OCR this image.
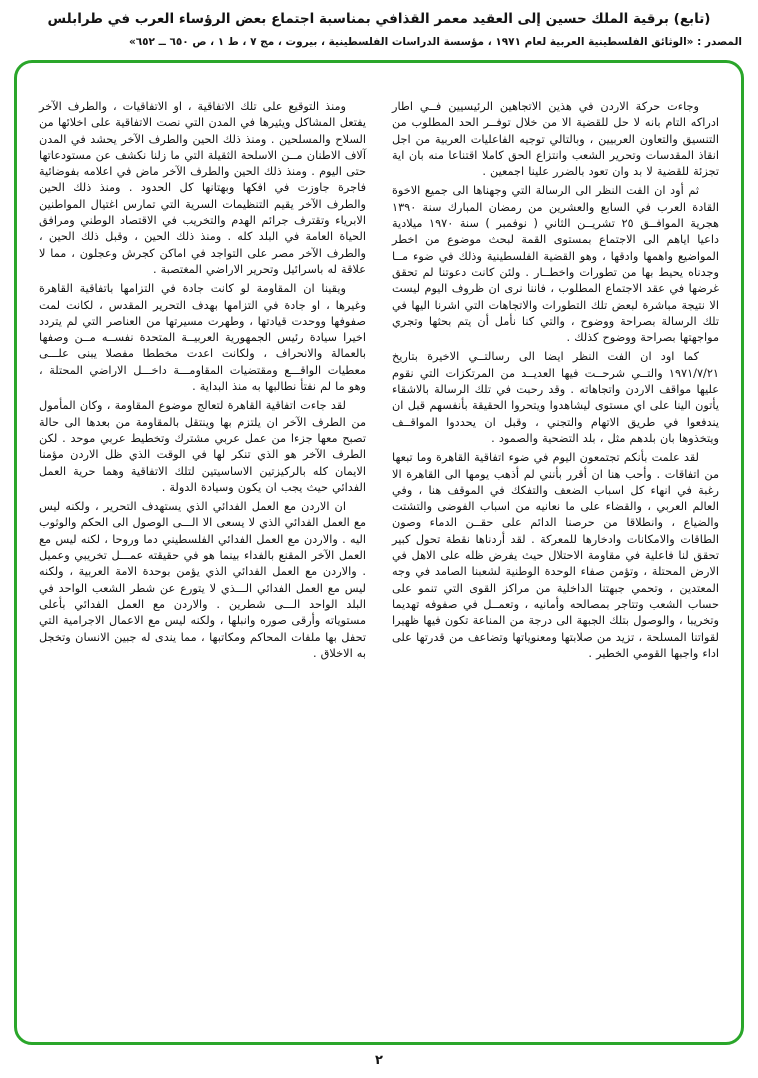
(تابع) برقية الملك حسين إلى العقيد معمر القذافي بمناسبة اجتماع بعض الرؤساء العرب في طرابلس
المصدر : «الوثائق الفلسطينية العربية لعام ١٩٧١ ، مؤسسة الدراسات الفلسطينية ، بيروت ، مج ٧ ، ط ١ ، ص ٦٥٠ ــ ٦٥٢»

وجاءت حركة الاردن في هذين الاتجاهين الرئيسيين فــي اطار ادراكه التام بانه لا حل للقضية الا من خلال توفــر الحد المطلوب من التنسيق والتعاون العربيين ، وبالتالي توجيه الفاعليات العربية من اجل انقاذ المقدسات وتحرير الشعب وانتزاع الحق كاملا اقتناعا منه بان اية تجزئة للقضية لا بد وان تعود بالضرر علينا اجمعين .

ثم أود ان الفت النظر الى الرسالة التي وجهناها الى جميع الاخوة القادة العرب في السابع والعشرين من رمضان المبارك سنة ١٣٩٠ هجرية الموافــق ٢٥ تشريــن الثاني ( نوفمبر ) سنة ١٩٧٠ ميلادية داعيا اياهم الى الاجتماع بمستوى القمة لبحث موضوع من اخطر المواضيع واهمها وادقها ، وهو القضية الفلسطينية وذلك في ضوء مــا وجدناه يحيط بها من تطورات واخطــار . ولئن كانت دعوتنا لم تحقق غرضها في عقد الاجتماع المطلوب ، فاننا نرى ان ظروف اليوم ليست الا نتيجة مباشرة لبعض تلك التطورات والاتجاهات التي اشرنا اليها في تلك الرسالة بصراحة ووضوح ، والتي كنا نأمل أن يتم بحثها وتجري مواجهتها بصراحة ووضوح كذلك .

كما اود ان الفت النظر ايضا الى رسالتــي الاخيرة بتاريخ ١٩٧١/٧/٢١ والتــي شرحــت فيها العديــد من المرتكزات التي نقوم عليها مواقف الاردن واتجاهاته . وقد رحبت في تلك الرسالة بالاشقاء يأتون الينا على اي مستوى ليشاهدوا ويتحروا الحقيقة بأنفسهم قبل ان يندفعوا في طريق الاتهام والتجني ، وقبل ان يحددوا المواقــف ويتخذوها بان بلدهم مثل ، بلد التضحية والصمود .

لقد علمت بأنكم تجتمعون اليوم في ضوء اتفاقية القاهرة وما تبعها من اتفاقات . وأحب هنا ان أقرر بأنني لم أذهب يومها الى القاهرة الا رغبة في انهاء كل اسباب الضعف والتفكك في الموقف هنا ، وفي العالم العربي ، والقضاء على ما نعانيه من اسباب الفوضى والتشتت والضياع ، وانطلاقا من حرصنا الدائم على حقــن الدماء وصون الطاقات والامكانات وادخارها للمعركة . لقد أردناها نقطة تحول كبير تحقق لنا فاعلية في مقاومة الاحتلال حيث يفرض ظله على الاهل في الارض المحتلة ، وتؤمن صفاء الوحدة الوطنية لشعبنا الصامد في وجه المعتدين ، وتحمي جبهتنا الداخلية من مراكز القوى التي تنمو على حساب الشعب وتتاجر بمصالحه وأمانيه ، وتعمــل في صفوفه تهديما وتخريبا ، والوصول بتلك الجبهة الى درجة من المناعة تكون فيها ظهيرا لقواتنا المسلحة ، تزيد من صلابتها ومعنوياتها وتضاعف من قدرتها على اداء واجبها القومي الخطير .

ومنذ التوقيع على تلك الاتفاقية ، او الاتفاقيات ، والطرف الآخر يفتعل المشاكل ويثيرها في المدن التي نصت الاتفاقية على اخلائها من السلاح والمسلحين . ومنذ ذلك الحين والطرف الآخر يحشد في المدن آلاف الاطنان مــن الاسلحة الثقيلة التي ما زلنا نكشف عن مستودعاتها حتى اليوم . ومنذ ذلك الحين والطرف الآخر ماض في اعلامه بفوضائية فاجرة جاوزت في افكها وبهتانها كل الحدود . ومنذ ذلك الحين والطرف الآخر يقيم التنظيمات السرية التي تمارس اغتيال المواطنين الابرياء وتقترف جرائم الهدم والتخريب في الاقتصاد الوطني ومرافق الحياة العامة في البلد كله . ومنذ ذلك الحين ، وقبل ذلك الحين ، والطرف الآخر مصر على التواجد في اماكن كجرش وعجلون ، مما لا علاقة له باسرائيل وتحرير الاراضي المغتصبة .

ويقينا ان المقاومة لو كانت جادة في التزامها باتفاقية القاهرة وغيرها ، او جادة في التزامها بهدف التحرير المقدس ، لكانت لمت صفوفها ووحدت قيادتها ، وطهرت مسيرتها من العناصر التي لم يتردد اخيرا سيادة رئيس الجمهورية العربيــة المتحدة نفســه مــن وصفها بالعمالة والانحراف ، ولكانت اعدت مخططا مفصلا يبنى علـــى معطيات الواقـــع ومقتضيات المقاومـــة داخـــل الاراضي المحتلة ، وهو ما لم نفتأ نطالبها به منذ البداية .

لقد جاءت اتفاقية القاهرة لتعالج موضوع المقاومة ، وكان المأمول من الطرف الآخر ان يلتزم بها وينتقل بالمقاومة من بعدها الى حالة تصبح معها جزءا من عمل عربي مشترك وتخطيط عربي موحد . لكن الطرف الآخر هو الذي تنكر لها في الوقت الذي ظل الاردن مؤمنا الايمان كله بالركيزتين الاساسيتين لتلك الاتفاقية وهما حرية العمل الفدائي حيث يجب ان يكون وسيادة الدولة .

ان الاردن مع العمل الفدائي الذي يستهدف التحرير ، ولكنه ليس مع العمل الفدائي الذي لا يسعى الا الـــى الوصول الى الحكم والوثوب اليه . والاردن مع العمل الفدائي الفلسطيني دما وروحا ، لكنه ليس مع العمل الآخر المقنع بالفداء بينما هو في حقيقته عمـــل تخريبي وعميل . والاردن مع العمل الفدائي الذي يؤمن بوحدة الامة العربية ، ولكنه ليس مع العمل الفدائي الـــذي لا يتورع عن شطر الشعب الواحد في البلد الواحد الـــى شطرين . والاردن مع العمل الفدائي بأعلى مستوياته وأرقى صوره وانبلها ، ولكنه ليس مع الاعمال الاجرامية التي تحفل بها ملفات المحاكم ومكاتبها ، مما يندى له جبين الانسان وتخجل به الاخلاق .

٢
